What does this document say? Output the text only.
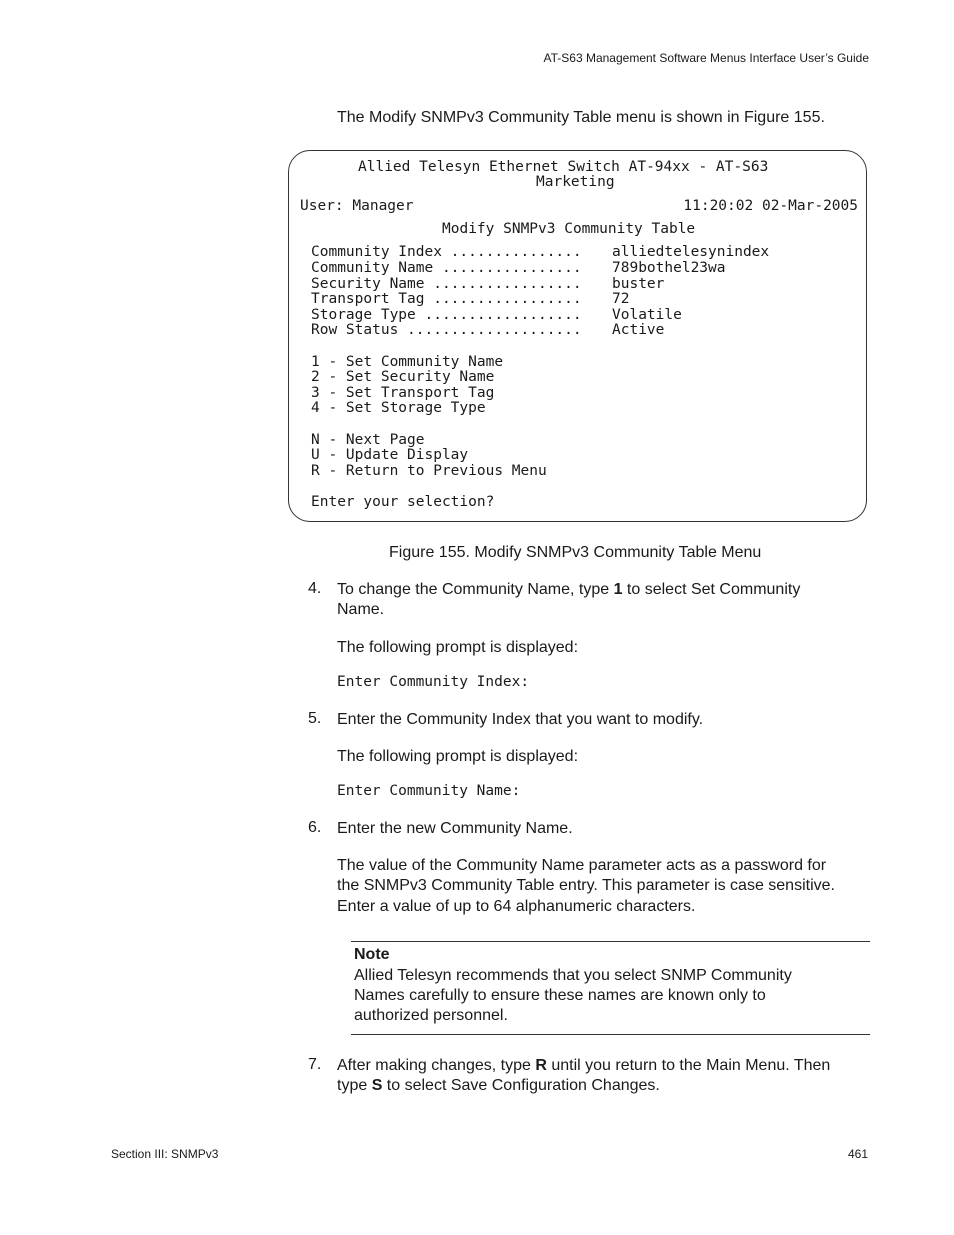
AT-S63 Management Software Menus Interface User’s Guide
The Modify SNMPv3 Community Table menu is shown in Figure 155.
Allied Telesyn Ethernet Switch AT-94xx - AT-S63
Marketing
User: Manager	11:20:02 02-Mar-2005
Modify SNMPv3 Community Table
Community Index ............... alliedtelesynindex
Community Name ................ 789bothel23wa
Security Name ................. buster
Transport Tag ................. 72
Storage Type .................. Volatile
Row Status .................... Active
1 - Set Community Name
2 - Set Security Name
3 - Set Transport Tag
4 - Set Storage Type
N - Next Page
U - Update Display
R - Return to Previous Menu
Enter your selection?
Figure 155. Modify SNMPv3 Community Table Menu
4. To change the Community Name, type 1 to select Set Community
Name.
The following prompt is displayed:
Enter Community Index:
5. Enter the Community Index that you want to modify.
The following prompt is displayed:
Enter Community Name:
6. Enter the new Community Name.
The value of the Community Name parameter acts as a password for
the SNMPv3 Community Table entry. This parameter is case sensitive.
Enter a value of up to 64 alphanumeric characters.
Note
Allied Telesyn recommends that you select SNMP Community
Names carefully to ensure these names are known only to
authorized personnel.
7. After making changes, type R until you return to the Main Menu. Then
type S to select Save Configuration Changes.
Section III: SNMPv3	461
